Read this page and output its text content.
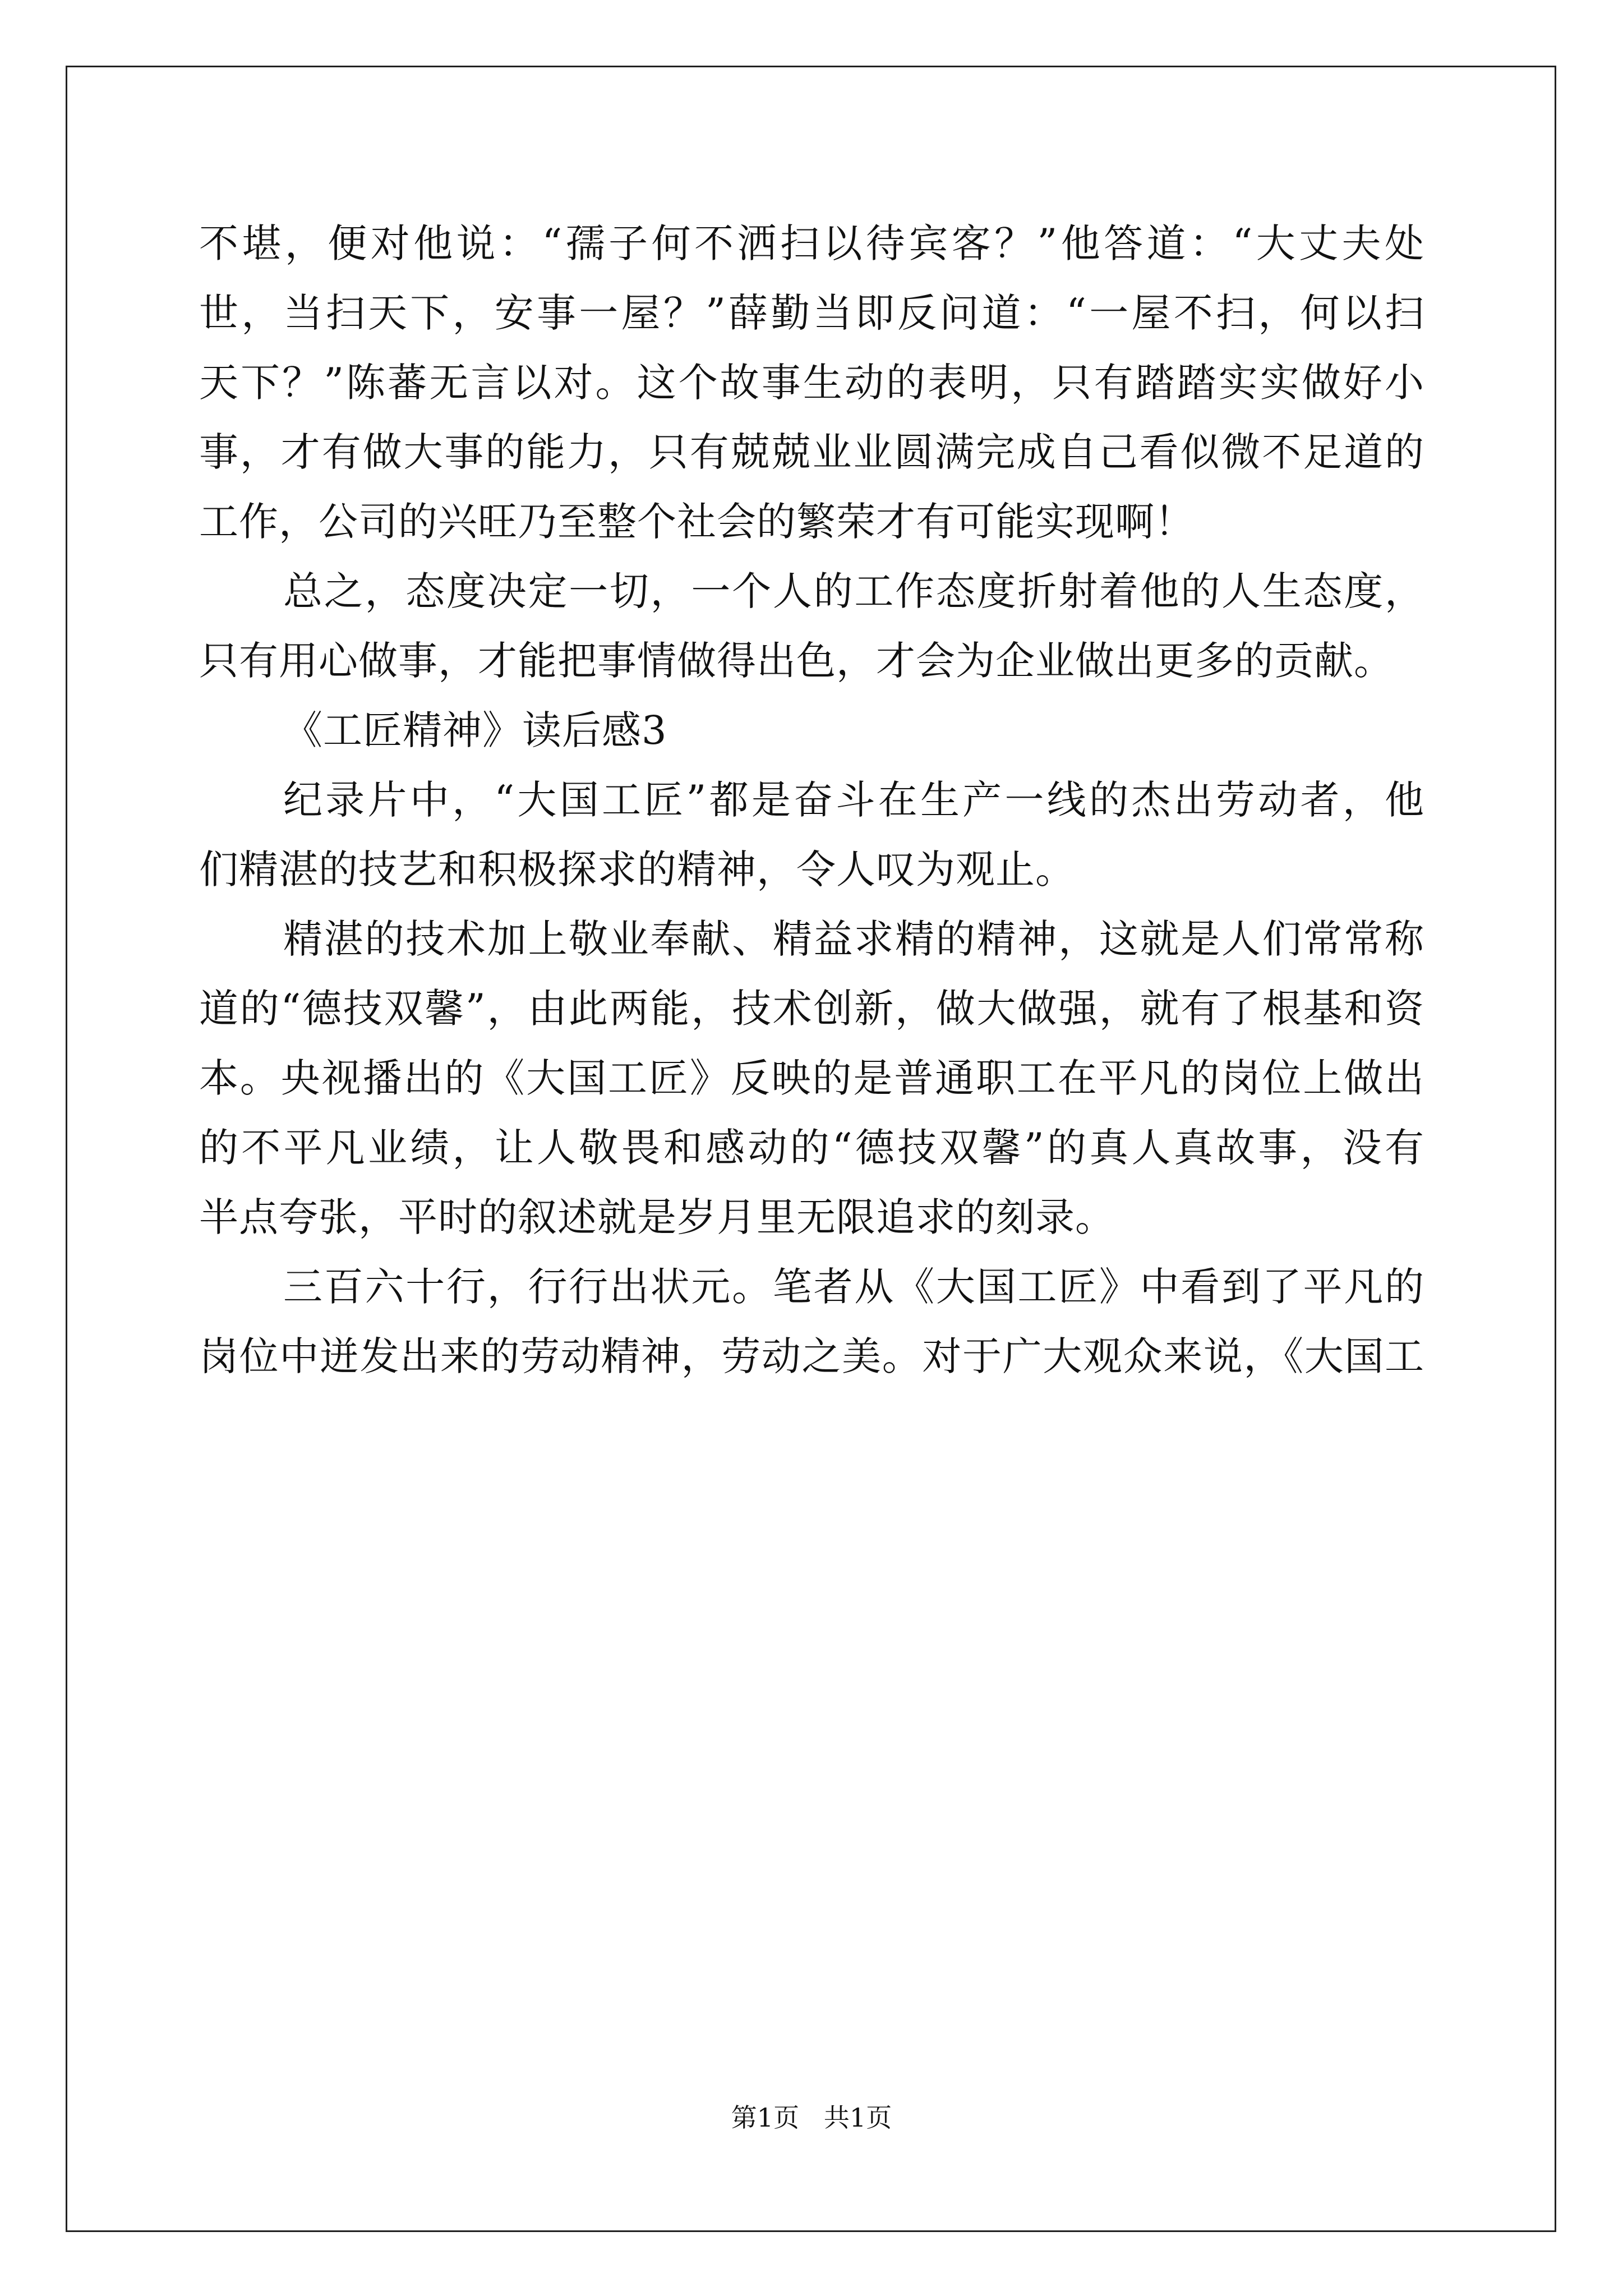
不堪，便对他说：“孺子何不洒扫以待宾客？”他答道：“大丈夫处
世，当扫天下，安事一屋？”薛勤当即反问道：“一屋不扫，何以扫
天下？”陈蕃无言以对。这个故事生动的表明，只有踏踏实实做好小
事，才有做大事的能力，只有兢兢业业圆满完成自己看似微不足道的
工作，公司的兴旺乃至整个社会的繁荣才有可能实现啊！
总之，态度决定一切，一个人的工作态度折射着他的人生态度，
只有用心做事，才能把事情做得出色，才会为企业做出更多的贡献。
《工匠精神》读后感3
纪录片中，“大国工匠”都是奋斗在生产一线的杰出劳动者，他
们精湛的技艺和积极探求的精神，令人叹为观止。
精湛的技术加上敬业奉献、精益求精的精神，这就是人们常常称
道的“德技双馨”，由此两能，技术创新，做大做强，就有了根基和资
本。央视播出的《大国工匠》反映的是普通职工在平凡的岗位上做出
的不平凡业绩，让人敬畏和感动的“德技双馨”的真人真故事，没有
半点夸张，平时的叙述就是岁月里无限追求的刻录。
三百六十行，行行出状元。笔者从《大国工匠》中看到了平凡的
岗位中迸发出来的劳动精神，劳动之美。对于广大观众来说，《大国工
第1页   共1页
